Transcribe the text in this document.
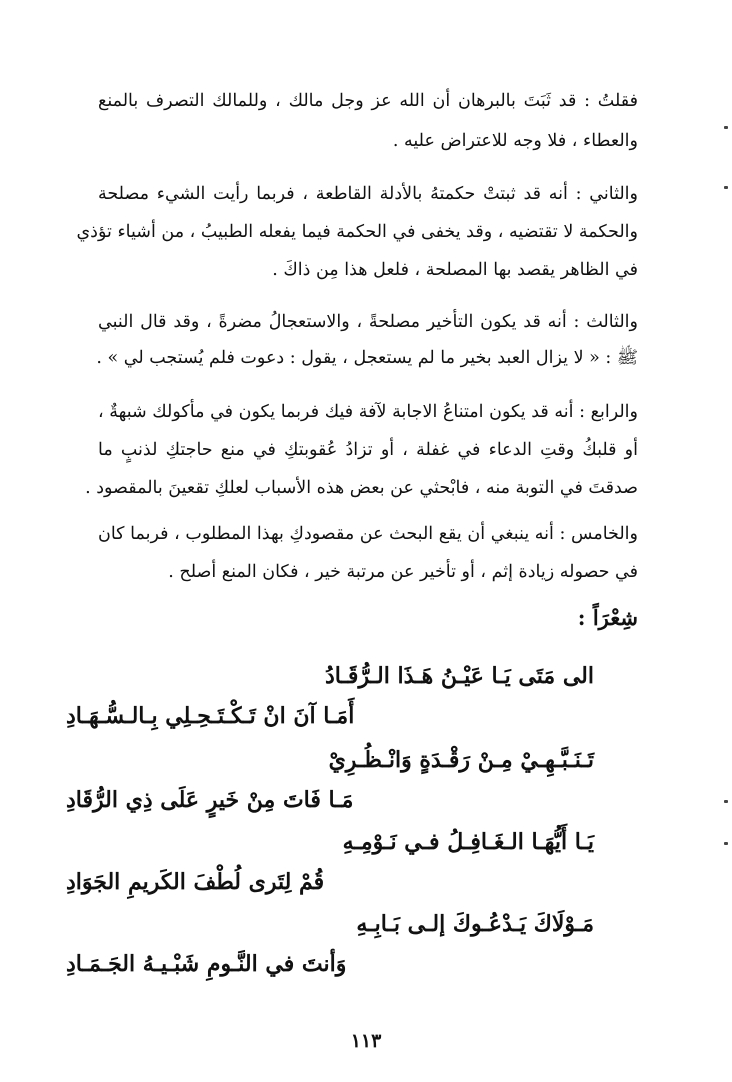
فقلتُ : قد ثَبَتَ بالبرهان أن الله عز وجل مالك ، وللمالك التصرف بالمنع
والعطاء ، فلا وجه للاعتراض عليه .
والثاني : أنه قد ثبتتْ حكمتهُ بالأدلة القاطعة ، فربما رأيت الشيء مصلحة
والحكمة لا تقتضيه ، وقد يخفى في الحكمة فيما يفعله الطبيبُ ، من أشياء تؤذي
في الظاهر يقصد بها المصلحة ، فلعل هذا مِن ذاكَ .
والثالث : أنه قد يكون التأخير مصلحةً ، والاستعجالُ مضرةً ، وقد قال النبي
ﷺ : « لا يزال العبد بخير ما لم يستعجل ، يقول : دعوت فلم يُستجب لي » .
والرابع : أنه قد يكون امتناعُ الاجابة لآفة فيك فربما يكون في مأكولك شبهةٌ ،
أو قلبكُ وقتِ الدعاء في غفلة ، أو تزادُ عُقوبتكِ في منع حاجتكِ لذنبٍ ما
صدقتَ في التوبة منه ، فابْحثي عن بعض هذه الأسباب لعلكِ تقعينَ بالمقصود .
والخامس : أنه ينبغي أن يقع البحث عن مقصودكِ بهذا المطلوب ، فربما كان
في حصوله زيادة إثم ، أو تأخير عن مرتبة خير ، فكان المنع أصلح .
شِعْرَاً :
الى مَتَى يَـا عَيْـنُ هَـذَا الـرُّقَـادُ
أَمَـا آنَ انْ تَـكْـتَـحِـلِي بِـالـسُّـهَـادِ
تَـنَـبَّـهِـيْ مِـنْ رَقْـدَةٍ وَانْـظُـرِيْ
مَـا فَاتَ مِنْ خَيرٍ عَلَى ذِي الرُّقَادِ
يَـا أَيُّهَـا الـغَـافِـلُ فـي نَـوْمِـهِ
قُمْ لِتَرى لُطْفَ الكَريمِ الجَوَادِ
مَـوْلَاكَ يَـدْعُـوكَ إلـى بَـابِـهِ
وَأنتَ في النَّـومِ شَبْـيـهُ الجَـمَـادِ
١١٣
